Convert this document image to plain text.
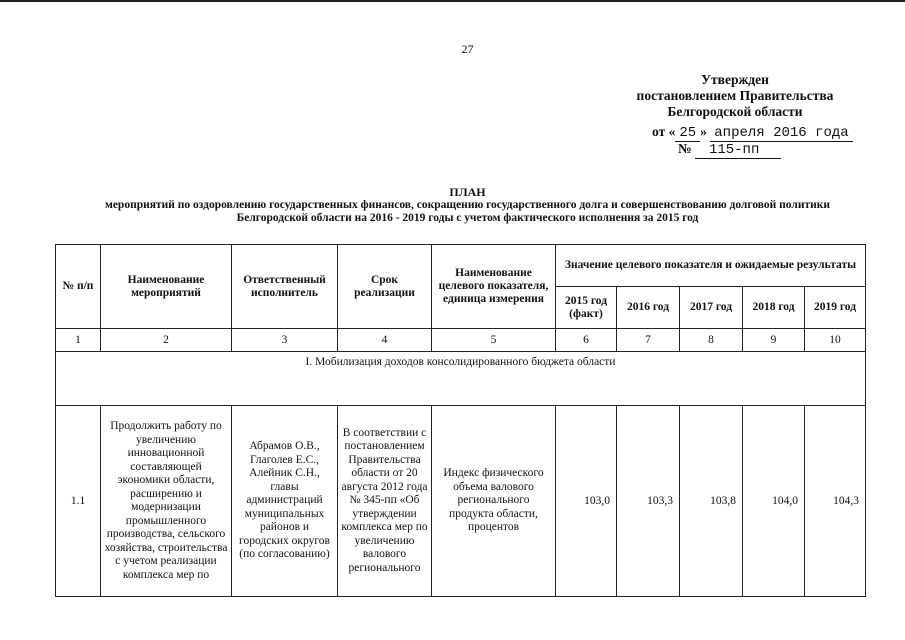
27
Утвержден
постановлением Правительства
Белгородской области
от « 25 » апреля 2016 года
№ 115-пп
ПЛАН
мероприятий по оздоровлению государственных финансов, сокращению государственного долга и совершенствованию долговой политики Белгородской области на 2016 - 2019 годы с учетом фактического исполнения за 2015 год
№ п/п	Наименование мероприятий	Ответственный исполнитель	Срок реализации	Наименование целевого показателя, единица измерения	Значение целевого показателя и ожидаемые результаты				
					2015 год (факт)	2016 год	2017 год	2018 год	2019 год
1	2	3	4	5	6	7	8	9	10
I. Мобилизация доходов консолидированного бюджета области									
1.1	Продолжить работу по увеличению инновационной составляющей экономики области, расширению и модернизации промышленного производства, сельского хозяйства, строительства с учетом реализации комплекса мер по	Абрамов О.В., Глаголев Е.С., Алейник С.Н., главы администраций муниципальных районов и городских округов (по согласованию)	В соответствии с постановлением Правительства области от 20 августа 2012 года № 345-пп «Об утверждении комплекса мер по увеличению валового регионального	Индекс физического объема валового регионального продукта области, процентов	103,0	103,3	103,8	104,0	104,3
